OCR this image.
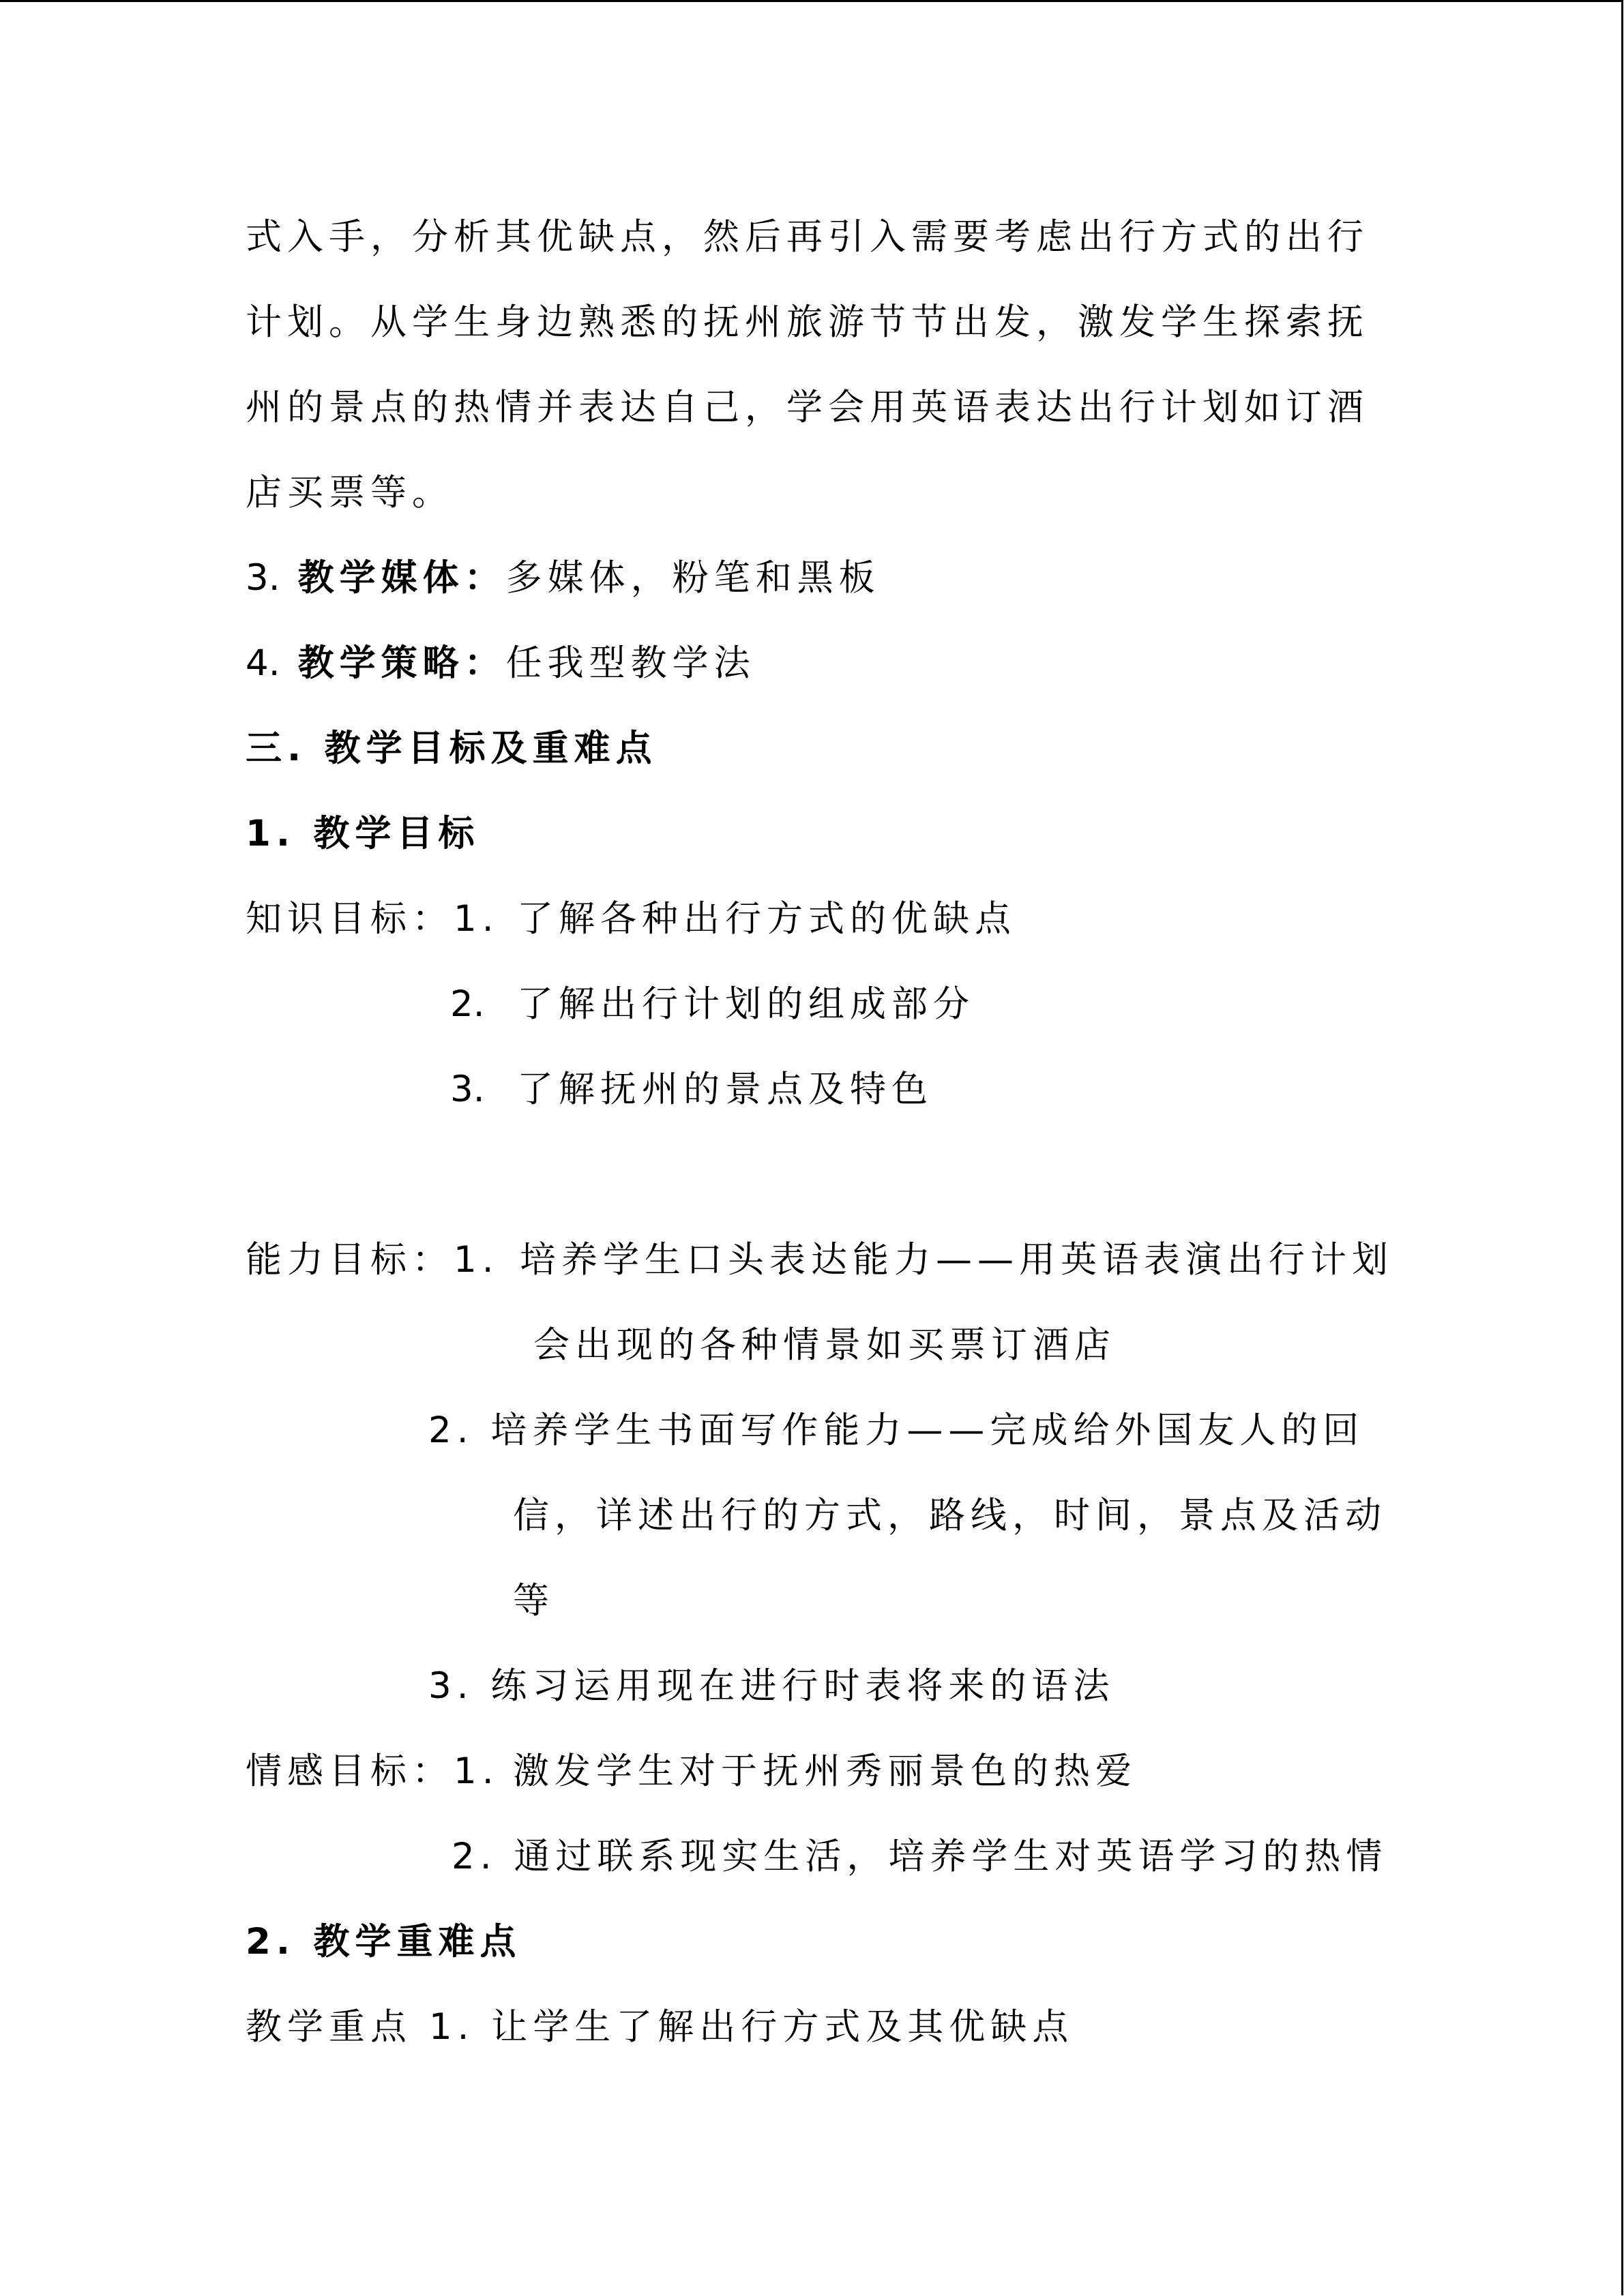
式入手，分析其优缺点，然后再引入需要考虑出行方式的出行
计划。从学生身边熟悉的抚州旅游节节出发，激发学生探索抚
州的景点的热情并表达自己，学会用英语表达出行计划如订酒
店买票等。
3. 教学媒体：多媒体，粉笔和黑板
4. 教学策略：任我型教学法
三. 教学目标及重难点
1. 教学目标
知识目标：1. 了解各种出行方式的优缺点
2. 了解出行计划的组成部分
3. 了解抚州的景点及特色
能力目标：1. 培养学生口头表达能力——用英语表演出行计划
会出现的各种情景如买票订酒店
2. 培养学生书面写作能力——完成给外国友人的回
信，详述出行的方式，路线，时间，景点及活动
等
3. 练习运用现在进行时表将来的语法
情感目标：1. 激发学生对于抚州秀丽景色的热爱
2. 通过联系现实生活，培养学生对英语学习的热情
2. 教学重难点
教学重点 1. 让学生了解出行方式及其优缺点
